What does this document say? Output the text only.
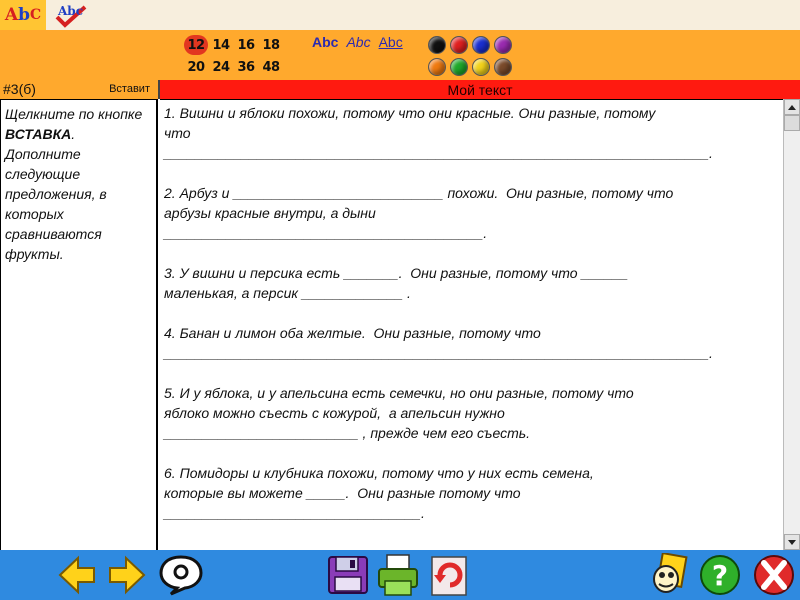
A b C Abc
12 14 16 18
20 24 36 48
Abc Abc Abc
#3(б)	Вставит	Мой текст
Щелкните по кнопке ВСТАВКА. Дополните следующие предложения, в которых сравниваются фрукты.
1. Вишни и яблоки похожи, потому что они красные. Они разные, потому
что
______________________________________________________________________.
2. Арбуз и ___________________________ похожи.  Они разные, потому что
арбузы красные внутри, а дыни
_________________________________________.
3. У вишни и персика есть _______.  Они разные, потому что ______
маленькая, а персик _____________ .
4. Банан и лимон оба желтые.  Они разные, потому что
______________________________________________________________________.
5. И у яблока, и у апельсина есть семечки, но они разные, потому что
яблоко можно съесть с кожурой,  а апельсин нужно
_________________________ , прежде чем его съесть.
6. Помидоры и клубника похожи, потому что у них есть семена,
которые вы можете _____.  Они разные потому что
_________________________________.
?
